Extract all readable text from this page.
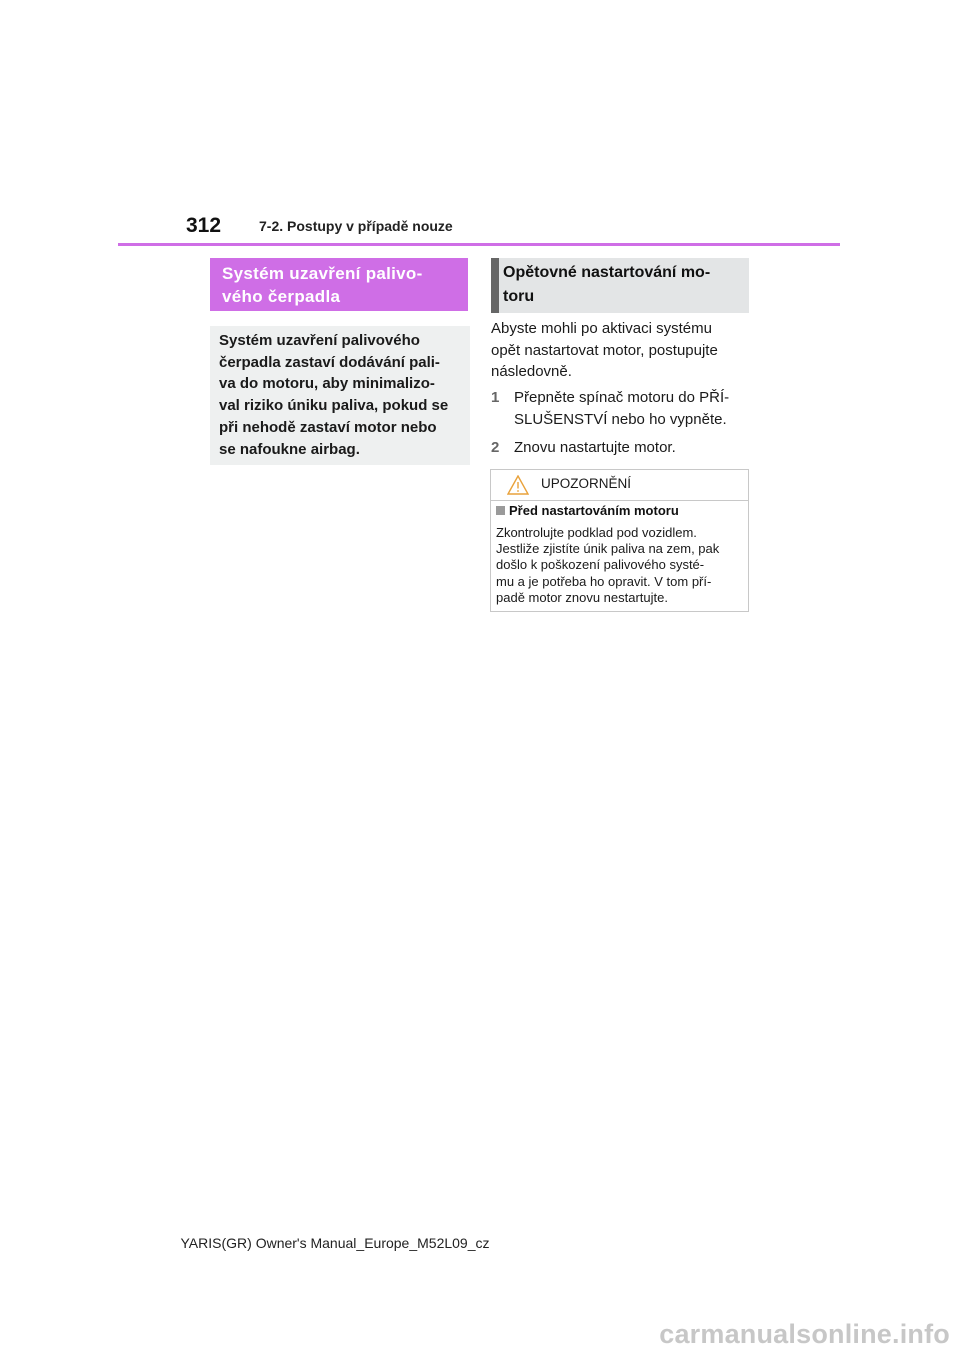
312	7-2. Postupy v případě nouze
Systém uzavření palivo-
vého čerpadla
Systém uzavření palivového
čerpadla zastaví dodávání pali-
va do motoru, aby minimalizo-
val riziko úniku paliva, pokud se
při nehodě zastaví motor nebo
se nafoukne airbag.
Opětovné nastartování mo-
toru
Abyste mohli po aktivaci systému
opět nastartovat motor, postupujte
následovně.
1 Přepněte spínač motoru do PŘÍ-
SLUŠENSTVÍ nebo ho vypněte.
2 Znovu nastartujte motor.
UPOZORNĚNÍ
Před nastartováním motoru
Zkontrolujte podklad pod vozidlem.
Jestliže zjistíte únik paliva na zem, pak
došlo k poškození palivového systé-
mu a je potřeba ho opravit. V tom pří-
padě motor znovu nestartujte.
YARIS(GR) Owner's Manual_Europe_M52L09_cz
carmanualsonline.info
